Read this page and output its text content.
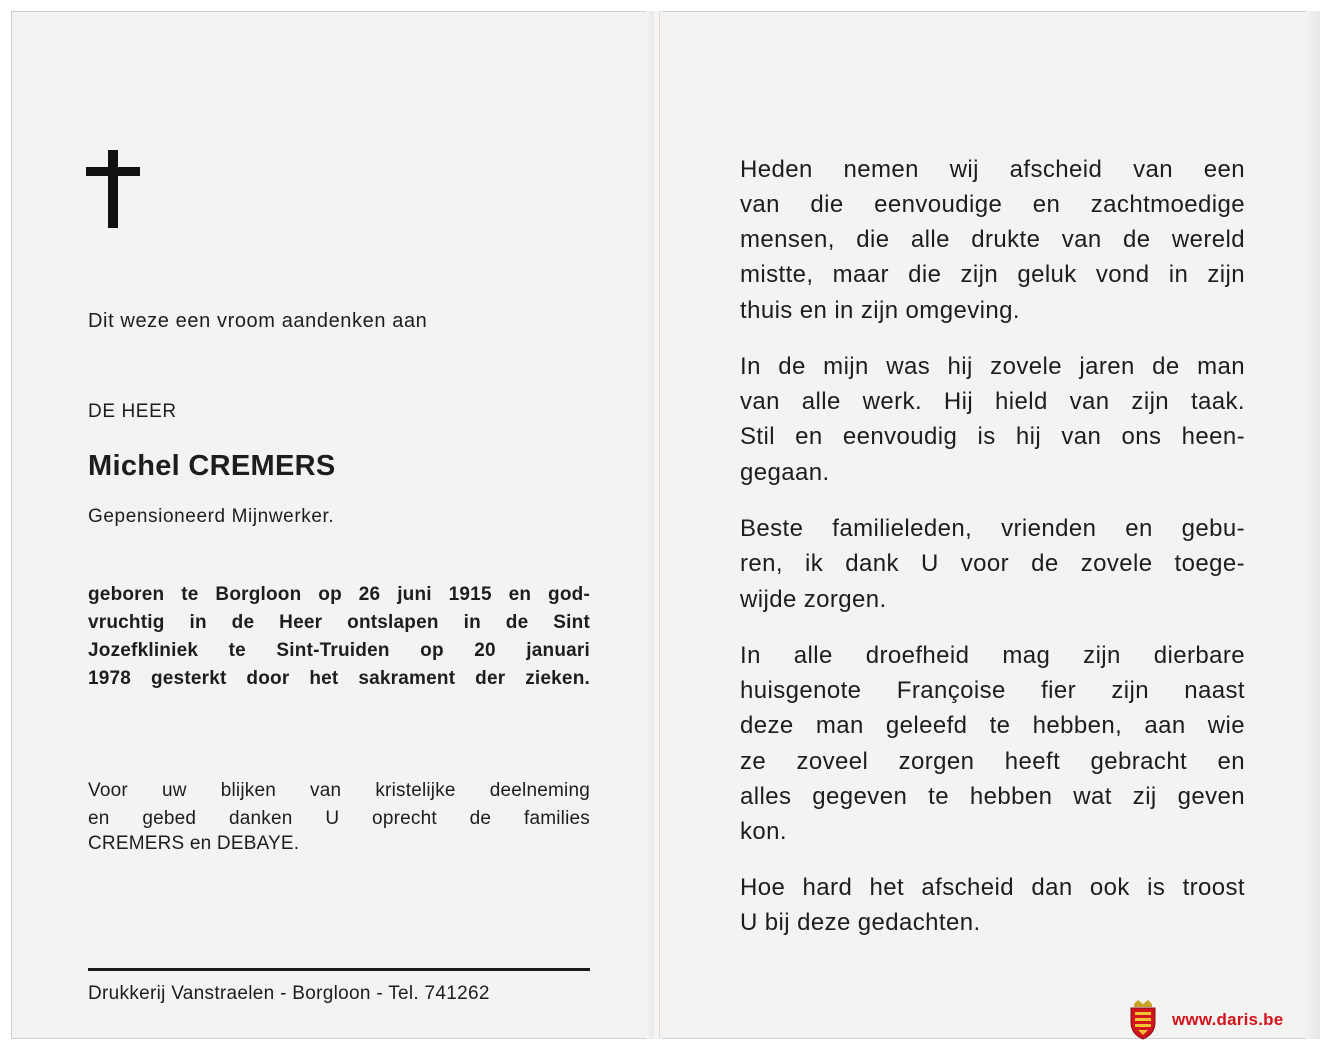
Dit weze een vroom aandenken aan
DE HEER
Michel CREMERS
Gepensioneerd Mijnwerker.
geboren te Borgloon op 26 juni 1915 en god-
vruchtig in de Heer ontslapen in de Sint
Jozefkliniek te Sint-Truiden op 20 januari
1978 gesterkt door het sakrament der zieken.
Voor uw blijken van kristelijke deelneming
en gebed danken U oprecht de families
CREMERS en DEBAYE.
Drukkerij Vanstraelen - Borgloon - Tel. 741262
Heden nemen wij afscheid van een
van die eenvoudige en zachtmoedige
mensen, die alle drukte van de wereld
mistte, maar die zijn geluk vond in zijn
thuis en in zijn omgeving.
In de mijn was hij zovele jaren de man
van alle werk. Hij hield van zijn taak.
Stil en eenvoudig is hij van ons heen-
gegaan.
Beste familieleden, vrienden en gebu-
ren, ik dank U voor de zovele toege-
wijde zorgen.
In alle droefheid mag zijn dierbare
huisgenote Françoise fier zijn naast
deze man geleefd te hebben, aan wie
ze zoveel zorgen heeft gebracht en
alles gegeven te hebben wat zij geven
kon.
Hoe hard het afscheid dan ook is troost
U bij deze gedachten.
www.daris.be
